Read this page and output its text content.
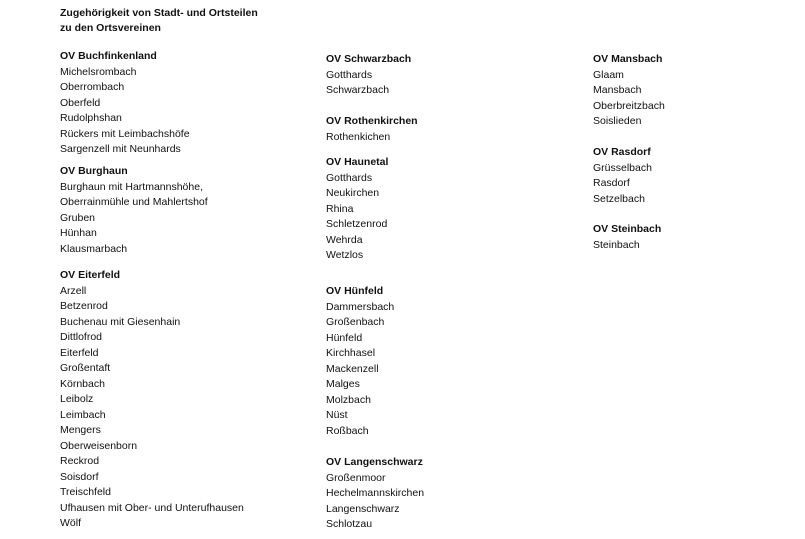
Zugehörigkeit von Stadt- und Ortsteilen
zu den Ortsvereinen
OV Buchfinkenland
Michelsrombach
Oberrombach
Oberfeld
Rudolphshan
Rückers mit Leimbachshöfe
Sargenzell mit Neunhards
OV Burghaun
Burghaun mit Hartmannshöhe,
Oberrainmühle und Mahlertshof
Gruben
Hünhan
Klausmarbach
OV Eiterfeld
Arzell
Betzenrod
Buchenau mit Giesenhain
Dittlofrod
Eiterfeld
Großentaft
Körnbach
Leibolz
Leimbach
Mengers
Oberweisenborn
Reckrod
Soisdorf
Treischfeld
Ufhausen mit Ober- und Unterufhausen
Wölf
OV Schwarzbach
Gotthards
Schwarzbach
OV Rothenkirchen
Rothenkichen
OV Haunetal
Gotthards
Neukirchen
Rhina
Schletzenrod
Wehrda
Wetzlos
OV Hünfeld
Dammersbach
Großenbach
Hünfeld
Kirchhasel
Mackenzell
Malges
Molzbach
Nüst
Roßbach
OV Langenschwarz
Großenmoor
Hechelmannskirchen
Langenschwarz
Schlotzau
OV Mansbach
Glaam
Mansbach
Oberbreitzbach
Soislieden
OV Rasdorf
Grüsselbach
Rasdorf
Setzelbach
OV Steinbach
Steinbach
